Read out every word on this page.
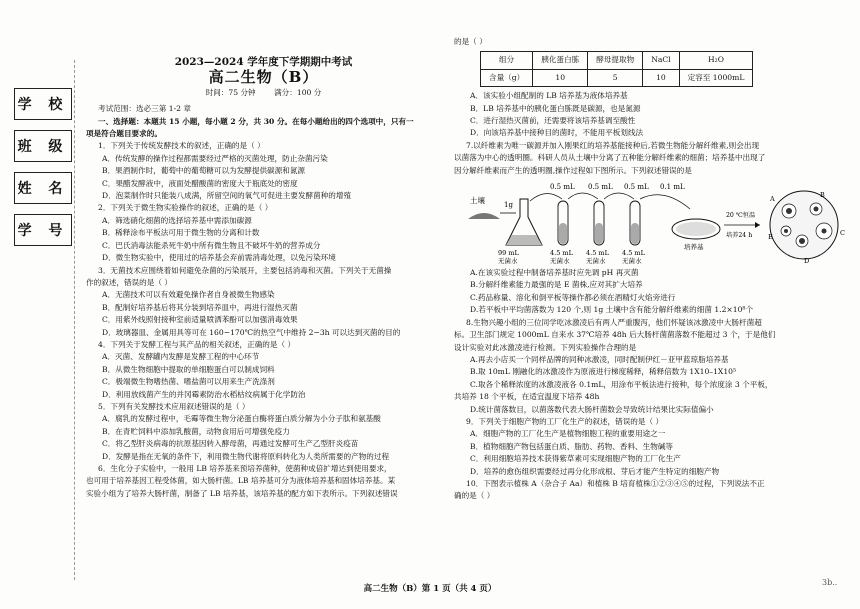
学 校
班 级
姓 名
学 号
2023—2024 学年度下学期期中考试
高二生物（B）
时间：75 分钟 满分：100 分

考试范围：选必三第 1-2 章

一、选择题：本题共 15 小题，每小题 2 分，共 30 分。在每小题给出的四个选项中，只有一

项是符合题目要求的。

1．下列关于传统发酵技术的叙述，正确的是（ ）

A．传统发酵的操作过程都需要经过严格的灭菌处理，防止杂菌污染

B．果酒制作时，葡萄中的葡萄糖可以为发酵提供碳源和氮源

C．果醋发酵液中，液面处醋酸菌的密度大于瓶底处的密度

D．泡菜制作时只能装八成满，所留空间的氧气可促进主要发酵菌种的增殖

2．下列关于微生物实验操作的叙述，正确的是（ ）

A．筛选硝化细菌的选择培养基中需添加碳源

B．稀释涂布平板法可用于微生物的分离和计数

C．巴氏消毒法能杀死牛奶中所有微生物且不破坏牛奶的营养成分

D．微生物实验中，使用过的培养基会弃前需消毒处理，以免污染环境

3．无菌技术应围绕着如何避免杂菌的污染展开，主要包括消毒和灭菌。下列关于无菌操

作的叙述，错误的是（ ）

A．无菌技术可以有效避免操作者自身被微生物感染

B．配制好培养基后将其分装到培养皿中，再进行湿热灭菌

C．用紫外线照射接种室前适量喷洒苯酚可以加强消毒效果

D．玻璃器皿、金属用具等可在 160−170℃的热空气中维持 2−3h 可以达到灭菌的目的

4．下列关于发酵工程与其产品的相关叙述，正确的是（ ）

A．灭菌、发酵罐内发酵是发酵工程的中心环节

B．从微生物细胞中提取的单细胞蛋白可以制成饲料

C．极端微生物嗜热菌、嗜盐菌可以用来生产洗涤剂

D．利用放线菌产生的并冈霉素防治水稻枯纹病属于化学防治

5．下列有关发酵技术应用叙述错误的是（ ）

A．腐乳的发酵过程中，毛霉等微生物分泌蛋白酶将蛋白质分解为小分子肽和氨基酸

B．在青贮饲料中添加乳酸菌，动物食用后可增强免疫力

C．将乙型肝炎病毒的抗原基因转入酵母菌，再通过发酵可生产乙型肝炎疫苗

D．发酵是指在无氧的条件下，利用微生物代谢将原料转化为人类所需要的产物的过程

6．生化分子实验中，一般用 LB 培养基来预培养菌种，使菌种成倍扩增达到使用要求，

也可用于培养基因工程受体菌，如大肠杆菌。LB 培养基可分为液体培养基和固体培养基。某

实验小组为了培养大肠杆菌，制备了 LB 培养基，该培养基的配方如下表所示。下列叙述错误

的是（ ）

组分	胰化蛋白胨	酵母提取物	NaCl	H₂O
含量（g）	10	5	10	定容至 1000mL

A．该实验小组配制的 LB 培养基为液体培养基

B．LB 培养基中的胰化蛋白胨既是碳源，也是氮源

C．进行湿热灭菌前，还需要将该培养基调至酸性

D．向该培养基中接种目的菌时，不能用平板划线法

7.以纤维素为唯一碳源并加入刚果红的培养基能接种后,若微生物能分解纤维素,则会出现

以菌落为中心的透明圈。科研人员从土壤中分离了五种能分解纤维素的细菌；培养基中出现了

因分解纤维素而产生的透明圈,操作过程如下图所示。下列叙述错误的是

土壤	1g
99 mL
无菌水
0.5 mL 0.5 mL 0.5 mL 0.1 mL
4.5 mL
无菌水
4.5 mL
无菌水
4.5 mL
无菌水
培养基
20 ℃恒温
培养24 h
A	B
C
D
E

A.在该实验过程中制备培养基时应先调 pH 再灭菌

B.分解纤维素能力最强的是 E 菌株,应对其扩大培养

C.药品称量、溶化和倒平板等操作都必须在酒精灯火焰旁进行

D.若平板中平均菌落数为 120 个,则 1g 土壤中含有能分解纤维素的细菌 1.2×10⁸个

8.生物兴趣小组的三位同学吃冰激凌后有两人严重腹泻，他们怀疑该冰激凌中大肠杆菌超

标。卫生部门规定 1000mL 自来水 37℃培养 48h 后大肠杆菌菌落数不能超过 3 个，于是他们

设计实验对此冰激凌进行检测。下列实验操作合理的是

A.再去小店买一个同样品牌的同种冰激凌，同时配制伊红－亚甲蓝琼脂培养基

B.取 10mL 刚融化的冰激凌作为原液进行梯度稀释，稀释倍数为 1X10–1X10⁵

C.取各个稀释浓度的冰激凌液各 0.1mL，用涂布平板法进行接种，每个浓度涂 3 个平板，

共培养 18 个平板，在适宜温度下培养 48h

D.统计菌落数目，以菌落数代表大肠杆菌数会导致统计结果比实际值偏小

9．下列关于细胞产物的工厂化生产的叙述，错误的是（ ）

A．细胞产物的工厂化生产是植物细胞工程的重要用途之一

B．植物细胞产物包括蛋白质、脂肪、药物、香料、生物碱等

C．利用细胞培养技术获得紫草素可实现细胞产物的工厂化生产

D．培养的愈伤组织需要经过再分化形成根、芽后才能产生特定的细胞产物

10．下图表示植株 A（杂合子 Aa）和植株 B 培育植株①②③④⑤的过程，下列说法不正

确的是（ ）

高二生物（B）第 1 页（共 4 页）
3b..
